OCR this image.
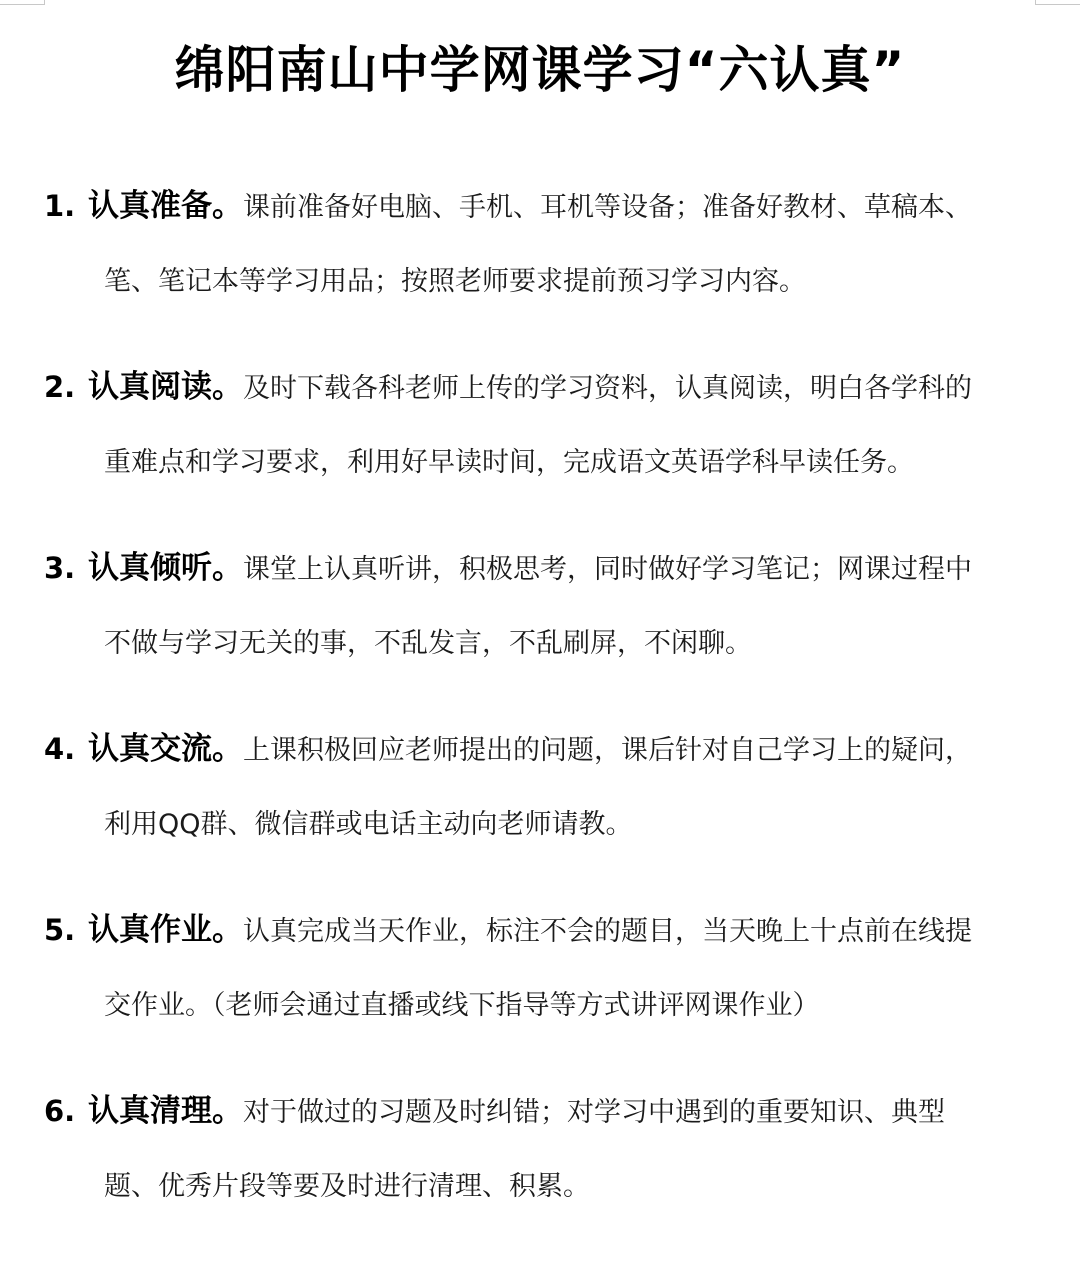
绵阳南山中学网课学习“六认真”
1. 认真准备。课前准备好电脑、手机、耳机等设备；准备好教材、草稿本、
笔、笔记本等学习用品；按照老师要求提前预习学习内容。
2. 认真阅读。及时下载各科老师上传的学习资料，认真阅读，明白各学科的
重难点和学习要求，利用好早读时间，完成语文英语学科早读任务。
3. 认真倾听。课堂上认真听讲，积极思考，同时做好学习笔记；网课过程中
不做与学习无关的事，不乱发言，不乱刷屏，不闲聊。
4. 认真交流。上课积极回应老师提出的问题，课后针对自己学习上的疑问，
利用QQ群、微信群或电话主动向老师请教。
5. 认真作业。认真完成当天作业，标注不会的题目，当天晚上十点前在线提
交作业。（老师会通过直播或线下指导等方式讲评网课作业）
6. 认真清理。对于做过的习题及时纠错；对学习中遇到的重要知识、典型
题、优秀片段等要及时进行清理、积累。
